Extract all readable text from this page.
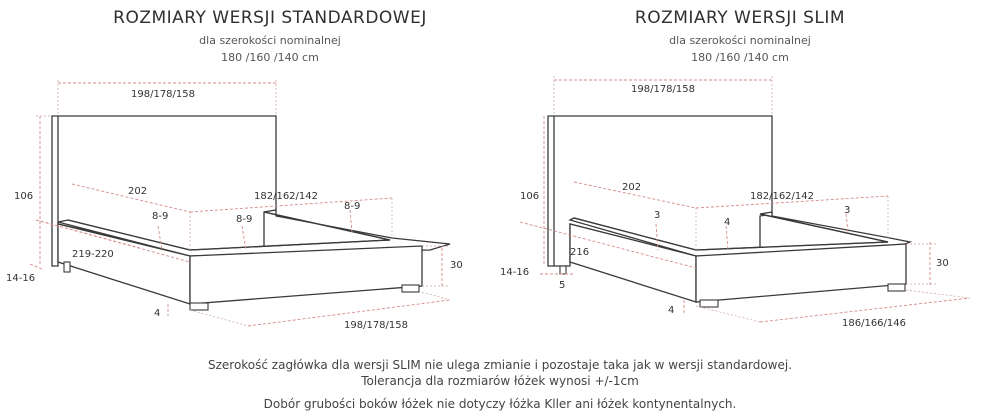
ROZMIARY WERSJI STANDARDOWEJ
dla szerokości nominalnej
180 /160 /140 cm
ROZMIARY WERSJI SLIM
dla szerokości nominalnej
180 /160 /140 cm
198/178/158
106	202	182/162/142
8-9	8-9
8-9
219-220
14-16
30
4
198/178/158
198/178/158
106
202
182/162/142
3
4
3
216
14-16
5
30
4
186/166/146
Szerokość zagłówka dla wersji SLIM nie ulega zmianie i pozostaje taka jak w wersji standardowej.
Tolerancja dla rozmiarów łóżek wynosi +/-1cm
Dobór grubości boków łóżek nie dotyczy łóżka Kller ani łóżek kontynentalnych.
